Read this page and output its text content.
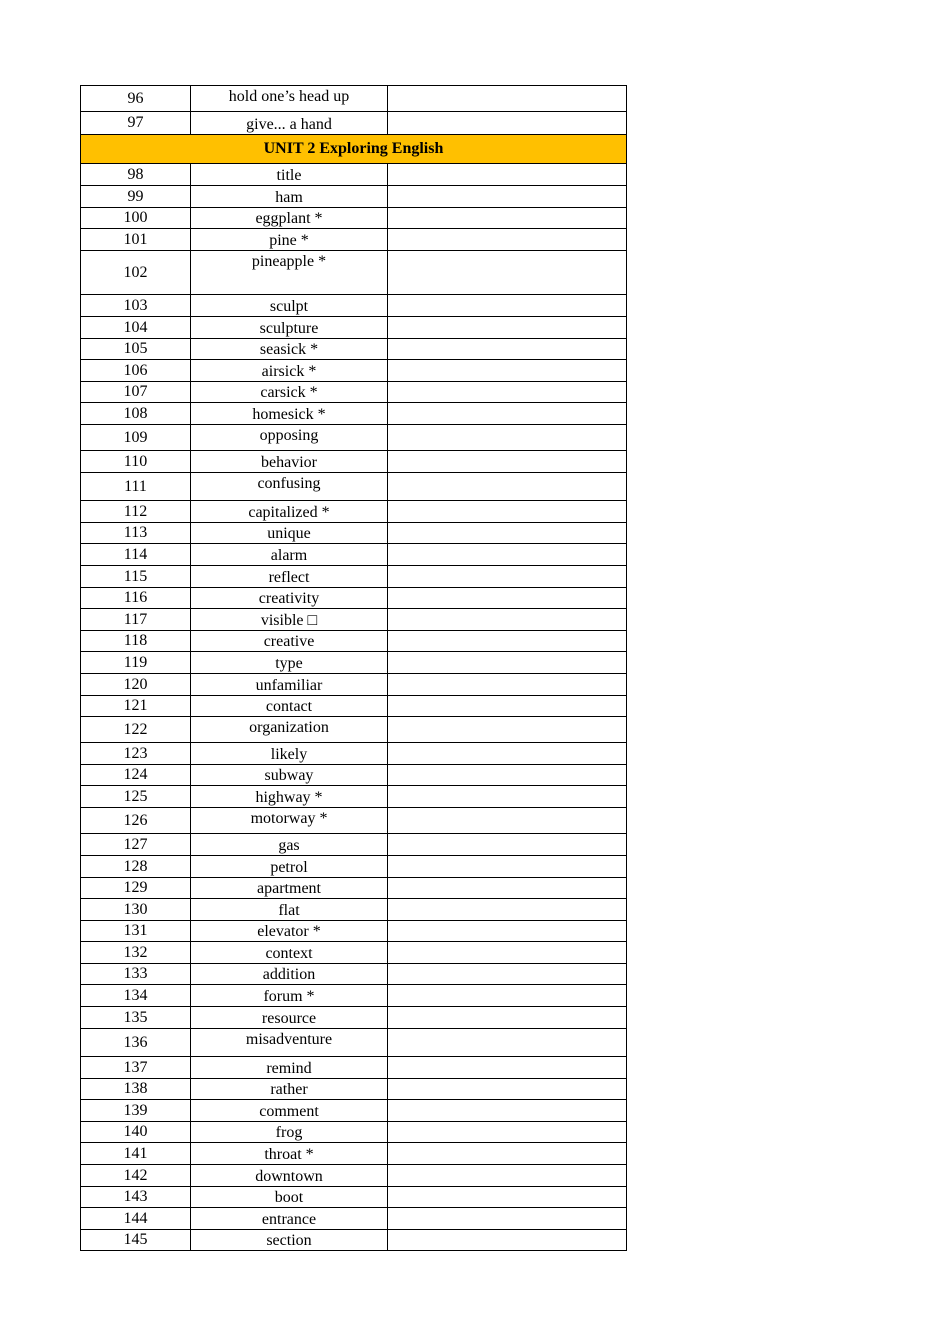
96	hold one’s head up	
97	give... a hand	
UNIT 2 Exploring English		
98	title	
99	ham	
100	eggplant *	
101	pine *	
102	pineapple *	
103	sculpt	
104	sculpture	
105	seasick *	
106	airsick *	
107	carsick *	
108	homesick *	
109	opposing	
110	behavior	
111	confusing	
112	capitalized *	
113	unique	
114	alarm	
115	reflect	
116	creativity	
117	visible □	
118	creative	
119	type	
120	unfamiliar	
121	contact	
122	organization	
123	likely	
124	subway	
125	highway *	
126	motorway *	
127	gas	
128	petrol	
129	apartment	
130	flat	
131	elevator *	
132	context	
133	addition	
134	forum *	
135	resource	
136	misadventure	
137	remind	
138	rather	
139	comment	
140	frog	
141	throat *	
142	downtown	
143	boot	
144	entrance	
145	section	
